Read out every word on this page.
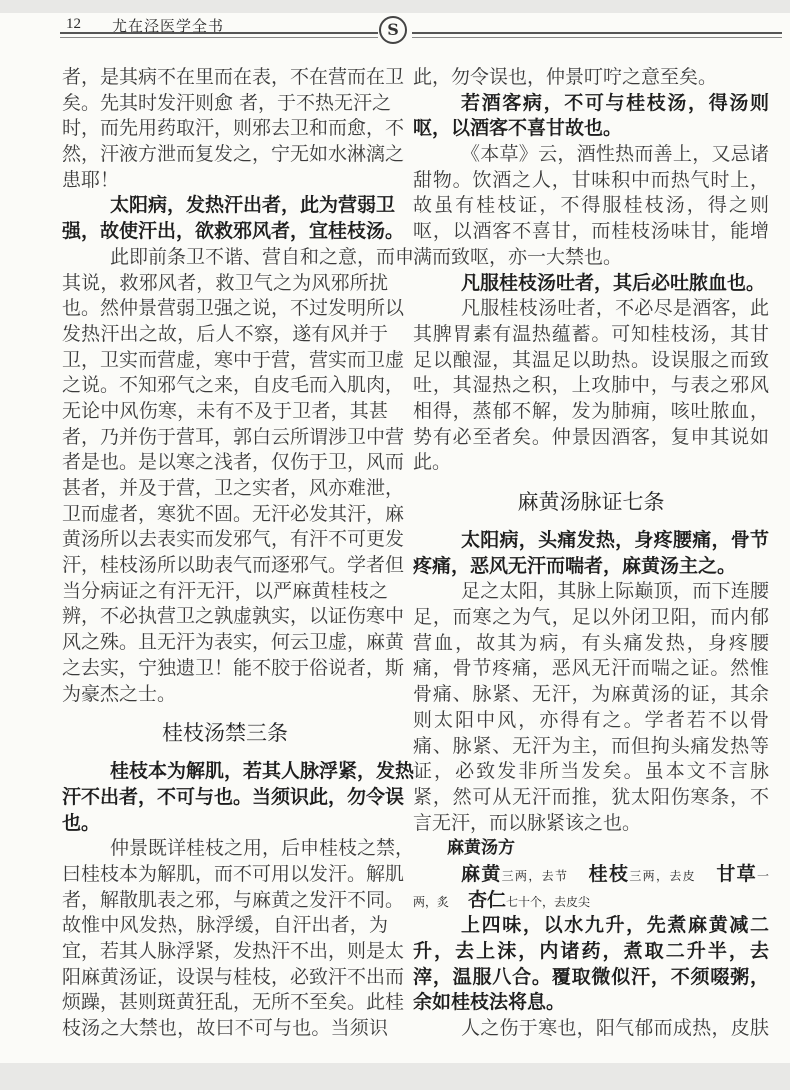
12 尤在泾医学全书	S
者，是其病不在里而在表，不在营而在卫
矣。先其时发汗则愈 者，于不热无汗之
时，而先用药取汗，则邪去卫和而愈，不
然，汗液方泄而复发之，宁无如水淋漓之
患耶！
太阳病，发热汗出者，此为营弱卫
强，故使汗出，欲救邪风者，宜桂枝汤。
此即前条卫不谐、营自和之意，而申
其说，救邪风者，救卫气之为风邪所扰
也。然仲景营弱卫强之说，不过发明所以
发热汗出之故，后人不察，遂有风并于
卫，卫实而营虚，寒中于营，营实而卫虚
之说。不知邪气之来，自皮毛而入肌肉，
无论中风伤寒，未有不及于卫者，其甚
者，乃并伤于营耳，郭白云所谓涉卫中营
者是也。是以寒之浅者，仅伤于卫，风而
甚者，并及于营，卫之实者，风亦难泄，
卫而虚者，寒犹不固。无汗必发其汗，麻
黄汤所以去表实而发邪气，有汗不可更发
汗，桂枝汤所以助表气而逐邪气。学者但
当分病证之有汗无汗，以严麻黄桂枝之
辨，不必执营卫之孰虚孰实，以证伤寒中
风之殊。且无汗为表实，何云卫虚，麻黄
之去实，宁独遗卫！能不胶于俗说者，斯
为豪杰之士。
桂枝汤禁三条
桂枝本为解肌，若其人脉浮紧，发热
汗不出者，不可与也。当须识此，勿令误
也。
仲景既详桂枝之用，后申桂枝之禁，
曰桂枝本为解肌，而不可用以发汗。解肌
者，解散肌表之邪，与麻黄之发汗不同。
故惟中风发热，脉浮缓，自汗出者，为
宜，若其人脉浮紧，发热汗不出，则是太
阳麻黄汤证，设误与桂枝，必致汗不出而
烦躁，甚则斑黄狂乱，无所不至矣。此桂
枝汤之大禁也，故曰不可与也。当须识
此，勿令误也，仲景叮咛之意至矣。
若酒客病，不可与桂枝汤，得汤则
呕，以酒客不喜甘故也。
《本草》云，酒性热而善上，又忌诸
甜物。饮酒之人，甘味积中而热气时上，
故虽有桂枝证，不得服桂枝汤，得之则
呕，以酒客不喜甘，而桂枝汤味甘，能增
满而致呕，亦一大禁也。
凡服桂枝汤吐者，其后必吐脓血也。
凡服桂枝汤吐者，不必尽是酒客，此
其脾胃素有温热蕴蓄。可知桂枝汤，其甘
足以酿湿，其温足以助热。设误服之而致
吐，其湿热之积，上攻肺中，与表之邪风
相得，蒸郁不解，发为肺痈，咳吐脓血，
势有必至者矣。仲景因酒客，复申其说如
此。
麻黄汤脉证七条
太阳病，头痛发热，身疼腰痛，骨节
疼痛，恶风无汗而喘者，麻黄汤主之。
足之太阳，其脉上际巅顶，而下连腰
足，而寒之为气，足以外闭卫阳，而内郁
营血，故其为病，有头痛发热，身疼腰
痛，骨节疼痛，恶风无汗而喘之证。然惟
骨痛、脉紧、无汗，为麻黄汤的证，其余
则太阳中风，亦得有之。学者若不以骨
痛、脉紧、无汗为主，而但拘头痛发热等
证，必致发非所当发矣。虽本文不言脉
紧，然可从无汗而推，犹太阳伤寒条，不
言无汗，而以脉紧该之也。
麻黄汤方
麻黄三两，去节　桂枝三两，去皮　甘草一
两，炙　杏仁七十个，去皮尖
上四味，以水九升，先煮麻黄减二
升，去上沫，内诸药，煮取二升半，去
滓，温服八合。覆取微似汗，不须啜粥，
余如桂枝法将息。
人之伤于寒也，阳气郁而成热，皮肤
